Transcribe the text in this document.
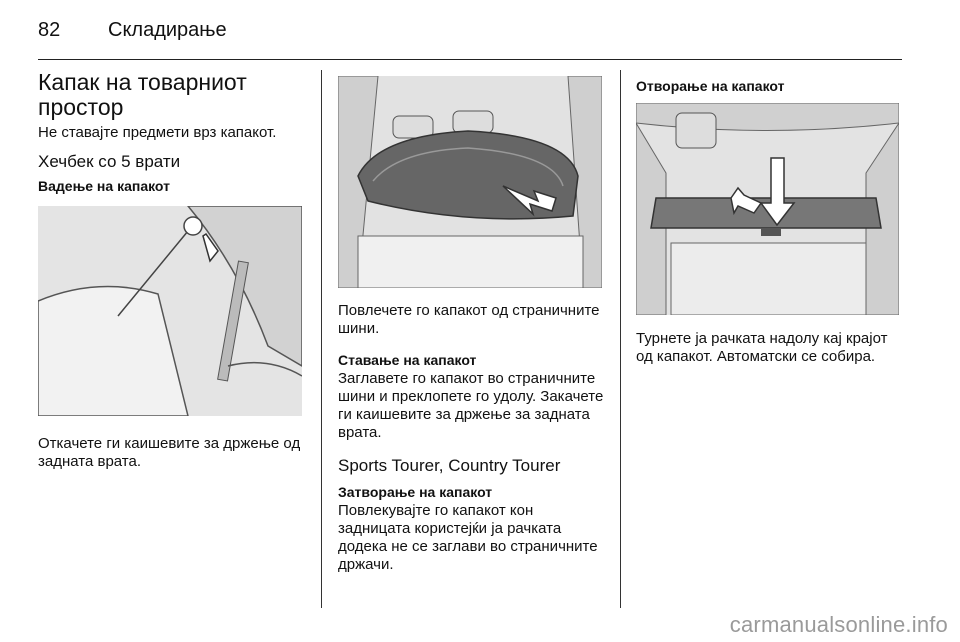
82	Складирање
Капак на товарниот простор

Не ставајте предмети врз капакот.

Хечбек со 5 врати
Вадење на капакот

Откачете ги каишевите за држење од задната врата.

Повлечете го капакот од страничните шини.

Ставање на капакот

Заглавете го капакот во страничните шини и преклопете го удолу. Закачете ги каишевите за држење за задната врата.

Sports Tourer, Country Tourer
Затворање на капакот

Повлекувајте го капакот кон задницата користејќи ја рачката додека не се заглави во страничните држачи.

Отворање на капакот

Турнете ја рачката надолу кај крајот од капакот. Автоматски се собира.

carmanualsonline.info
